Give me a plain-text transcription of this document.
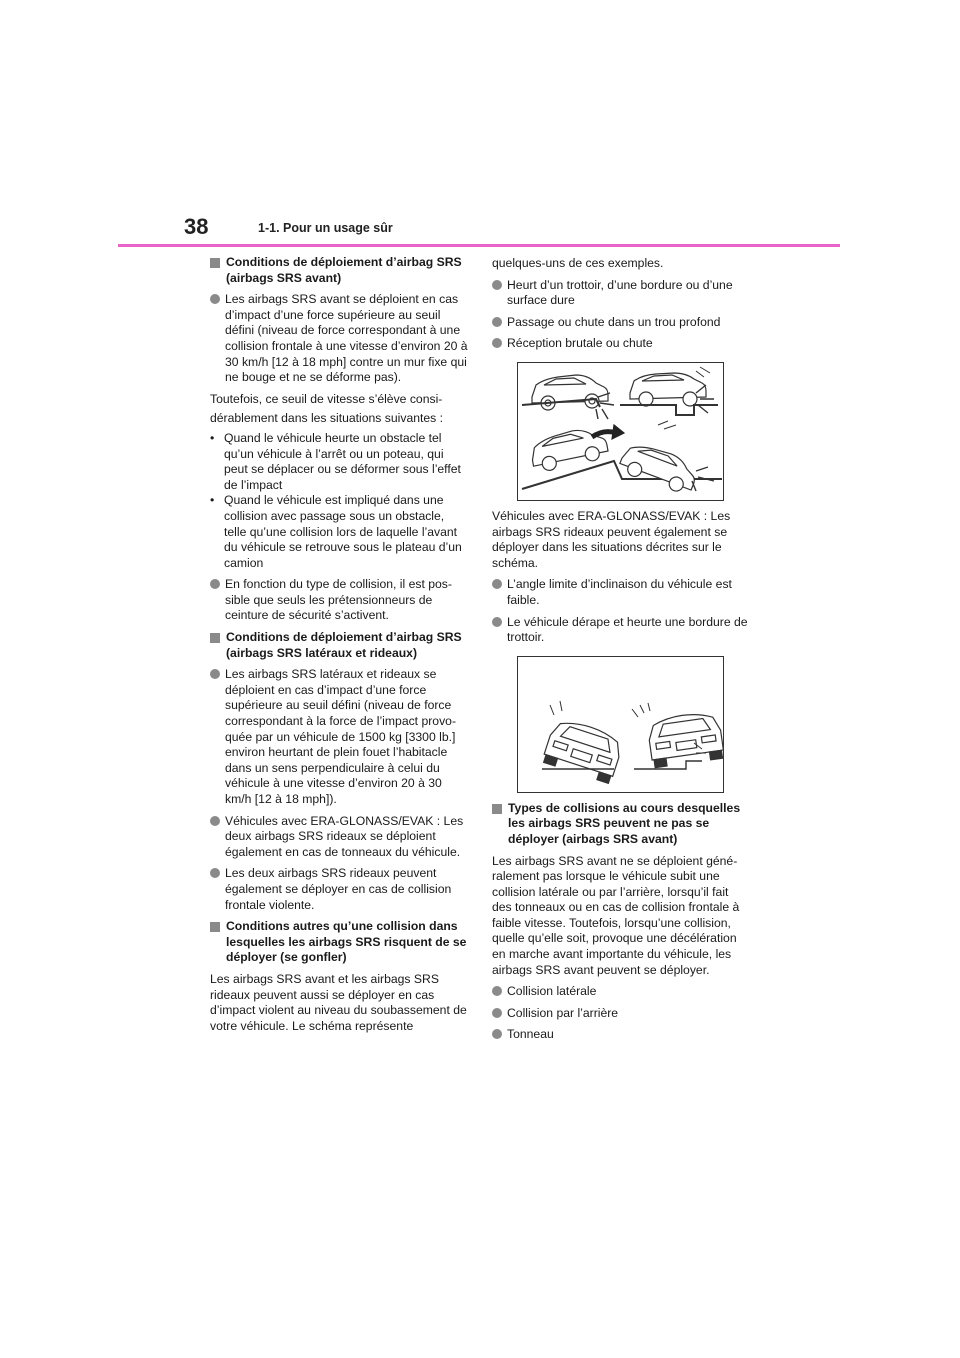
38	1-1. Pour un usage sûr
Conditions de déploiement d’airbag SRS (airbags SRS avant)
Les airbags SRS avant se déploient en cas d’impact d’une force supérieure au seuil défini (niveau de force correspondant à une collision frontale à une vitesse d’environ 20 à 30 km/h [12 à 18 mph] contre un mur fixe qui ne bouge et ne se déforme pas).
Toutefois, ce seuil de vitesse s’élève consi-
dérablement dans les situations suivantes :
• Quand le véhicule heurte un obstacle tel qu’un véhicule à l’arrêt ou un poteau, qui peut se déplacer ou se déformer sous l’effet de l’impact
• Quand le véhicule est impliqué dans une collision avec passage sous un obstacle, telle qu’une collision lors de laquelle l’avant du véhicule se retrouve sous le plateau d’un camion
En fonction du type de collision, il est possible que seuls les prétensionneurs de ceinture de sécurité s’activent.
Conditions de déploiement d’airbag SRS (airbags SRS latéraux et rideaux)
Les airbags SRS latéraux et rideaux se déploient en cas d’impact d’une force supérieure au seuil défini (niveau de force correspondant à la force de l’impact provoquée par un véhicule de 1500 kg [3300 lb.] environ heurtant de plein fouet l’habitacle dans un sens perpendiculaire à celui du véhicule à une vitesse d’environ 20 à 30 km/h [12 à 18 mph]).
Véhicules avec ERA-GLONASS/EVAK : Les deux airbags SRS rideaux se déploient également en cas de tonneaux du véhicule.
Les deux airbags SRS rideaux peuvent également se déployer en cas de collision frontale violente.
Conditions autres qu’une collision dans lesquelles les airbags SRS risquent de se déployer (se gonfler)
Les airbags SRS avant et les airbags SRS rideaux peuvent aussi se déployer en cas d’impact violent au niveau du soubassement de votre véhicule. Le schéma représente
quelques-uns de ces exemples.
Heurt d’un trottoir, d’une bordure ou d’une surface dure
Passage ou chute dans un trou profond
Réception brutale ou chute
Véhicules avec ERA-GLONASS/EVAK : Les airbags SRS rideaux peuvent également se déployer dans les situations décrites sur le schéma.
L’angle limite d’inclinaison du véhicule est faible.
Le véhicule dérape et heurte une bordure de trottoir.
Types de collisions au cours desquelles les airbags SRS peuvent ne pas se déployer (airbags SRS avant)
Les airbags SRS avant ne se déploient généralement pas lorsque le véhicule subit une collision latérale ou par l’arrière, lorsqu’il fait des tonneaux ou en cas de collision frontale à faible vitesse. Toutefois, lorsqu’une collision, quelle qu’elle soit, provoque une décélération en marche avant importante du véhicule, les airbags SRS avant peuvent se déployer.
Collision latérale
Collision par l’arrière
Tonneau
